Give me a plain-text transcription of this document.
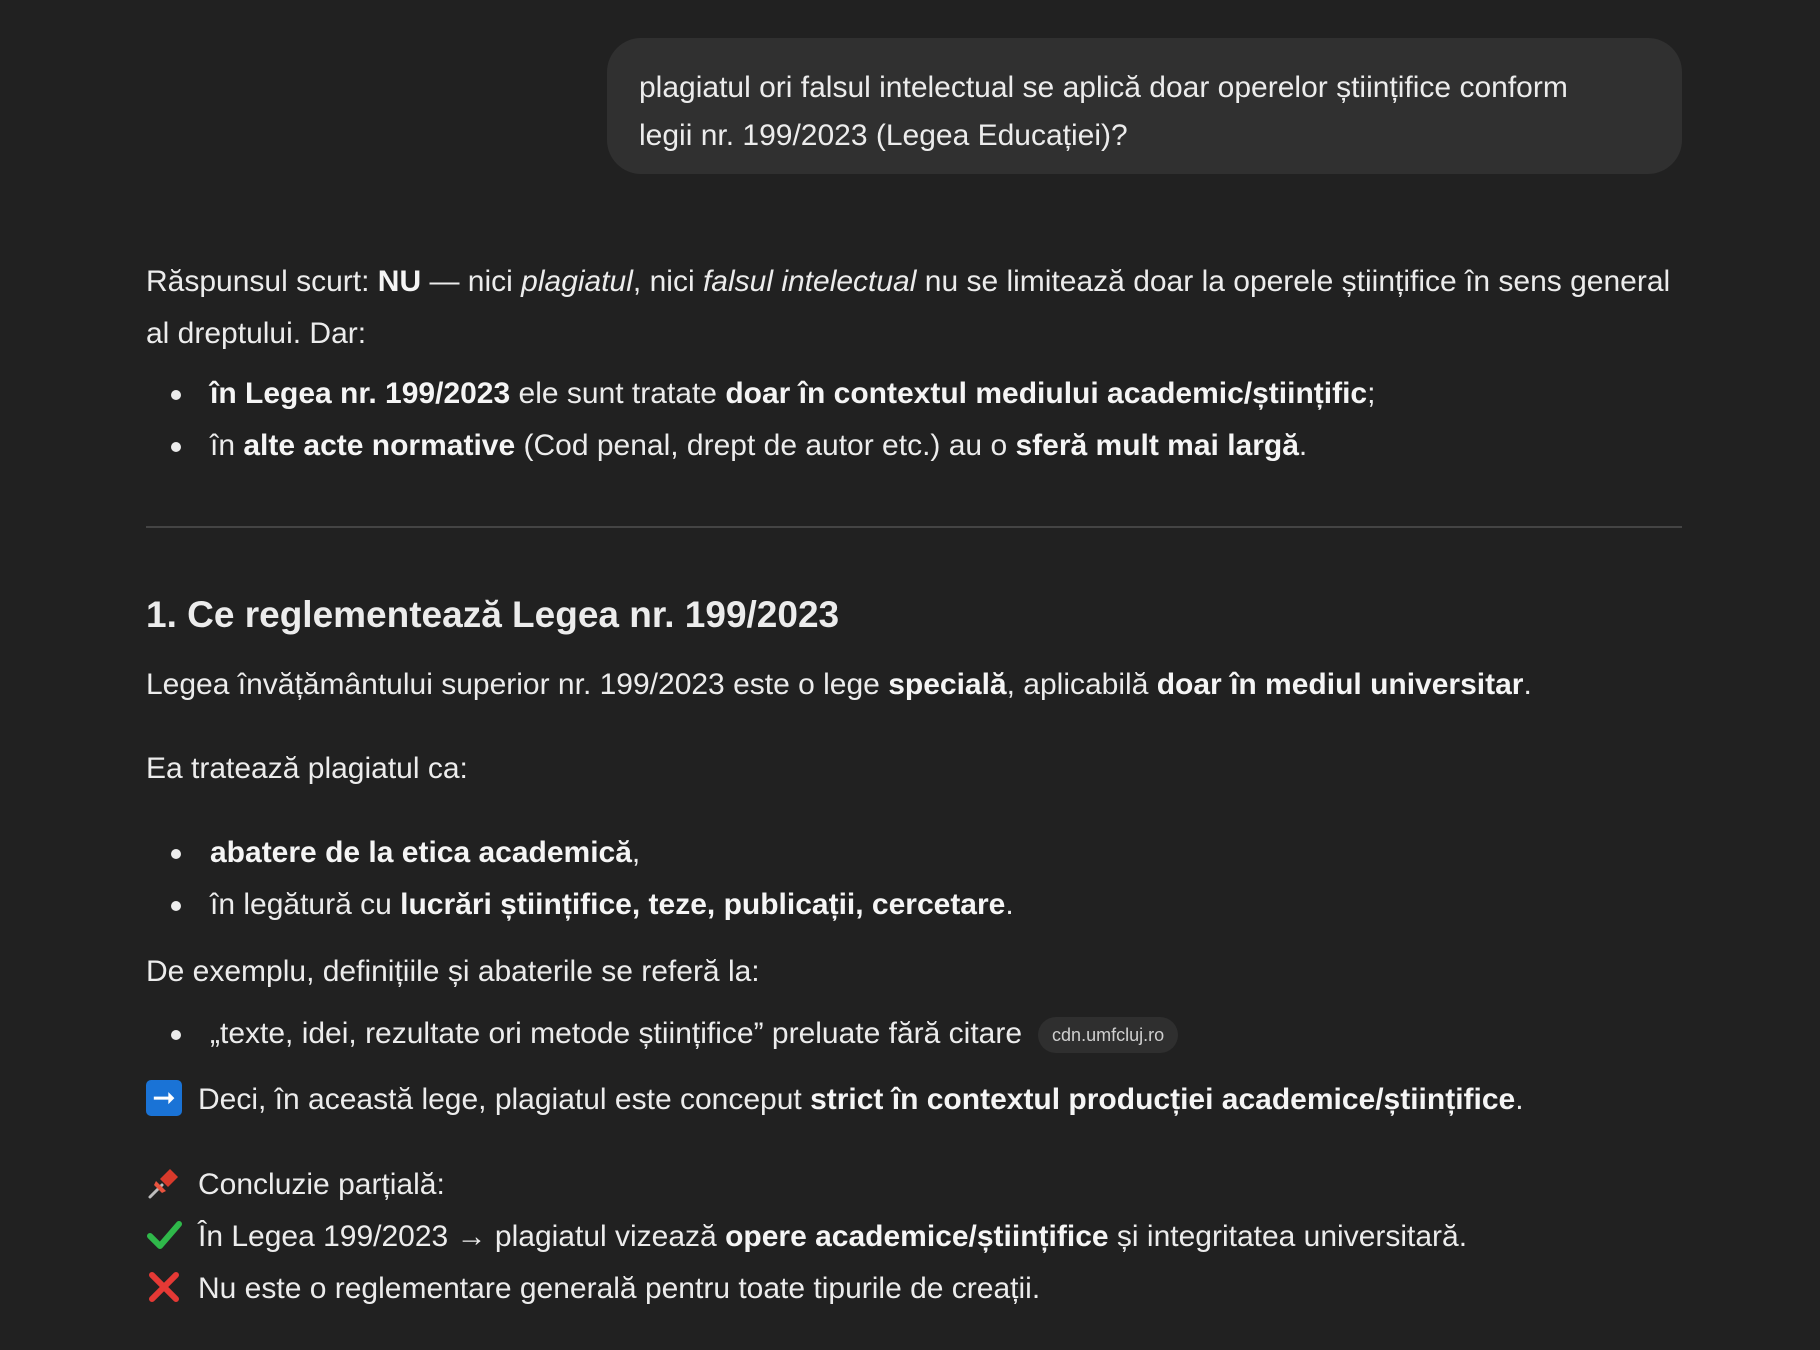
plagiatul ori falsul intelectual se aplică doar operelor științifice conform
legii nr. 199/2023 (Legea Educației)?

Răspunsul scurt: NU — nici plagiatul, nici falsul intelectual nu se limitează doar la operele științifice în sens general al dreptului. Dar:

în Legea nr. 199/2023 ele sunt tratate doar în contextul mediului academic/științific;
în alte acte normative (Cod penal, drept de autor etc.) au o sferă mult mai largă.
1. Ce reglementează Legea nr. 199/2023
Legea învățământului superior nr. 199/2023 este o lege specială, aplicabilă doar în mediul universitar.
Ea tratează plagiatul ca:
abatere de la etica academică,
în legătură cu lucrări științifice, teze, publicații, cercetare.
De exemplu, definițiile și abaterile se referă la:
„texte, idei, rezultate ori metode științifice” preluate fără citare cdn.umfcluj.ro
➞ Deci, în această lege, plagiatul este conceput strict în contextul producției academice/științifice.
Concluzie parțială:
În Legea 199/2023 → plagiatul vizează opere academice/științifice și integritatea universitară.
Nu este o reglementare generală pentru toate tipurile de creații.
